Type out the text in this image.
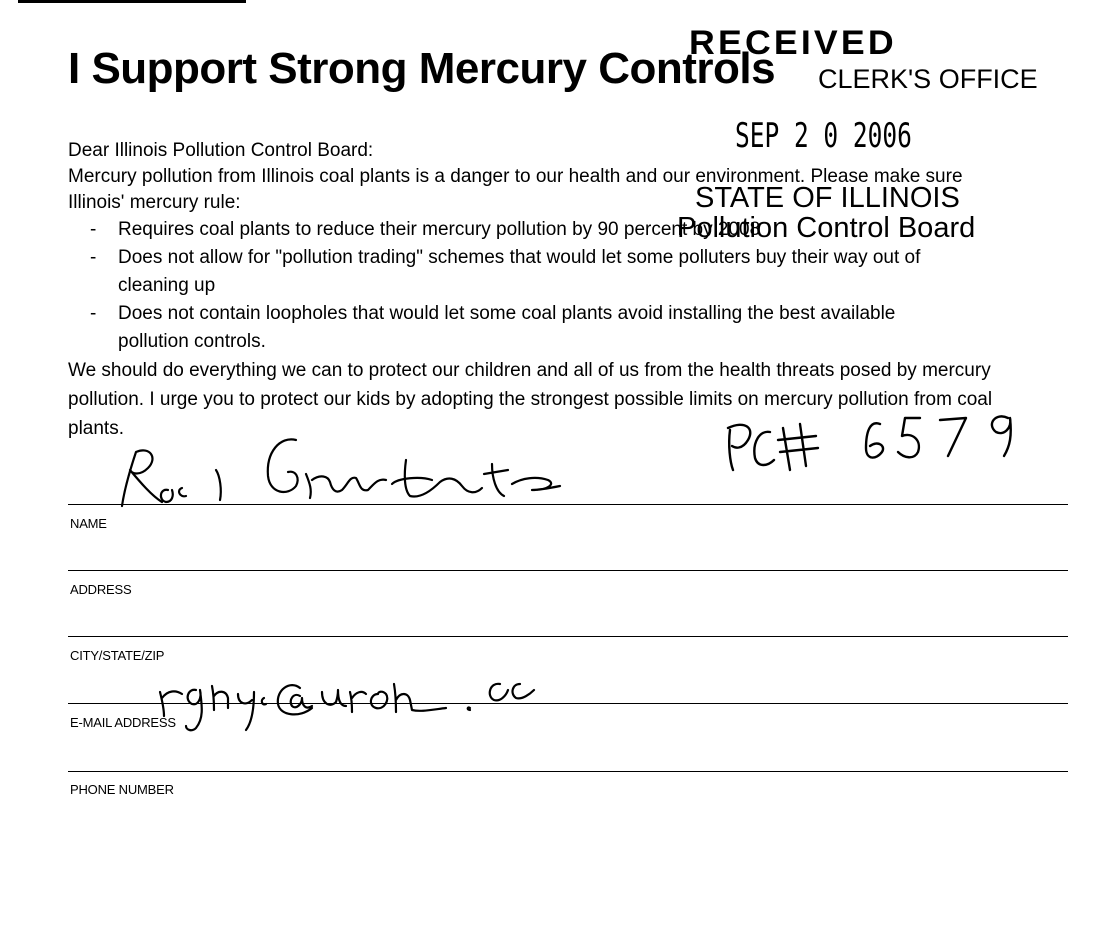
I Support Strong Mercury Controls
RECEIVED
CLERK'S OFFICE
SEP 2 0 2006
STATE OF ILLINOIS
Pollution Control Board

Dear Illinois Pollution Control Board:

Mercury pollution from Illinois coal plants is a danger to our health and our environment. Please make sure Illinois' mercury rule:

- Requires coal plants to reduce their mercury pollution by 90 percent by 2008
- Does not allow for "pollution trading" schemes that would let some polluters buy their way out of cleaning up
- Does not contain loopholes that would let some coal plants avoid installing the best available pollution controls.

We should do everything we can to protect our children and all of us from the health threats posed by mercury pollution. I urge you to protect our kids by adopting the strongest possible limits on mercury pollution from coal plants.

NAME
ADDRESS
CITY/STATE/ZIP
E-MAIL ADDRESS
PHONE NUMBER
